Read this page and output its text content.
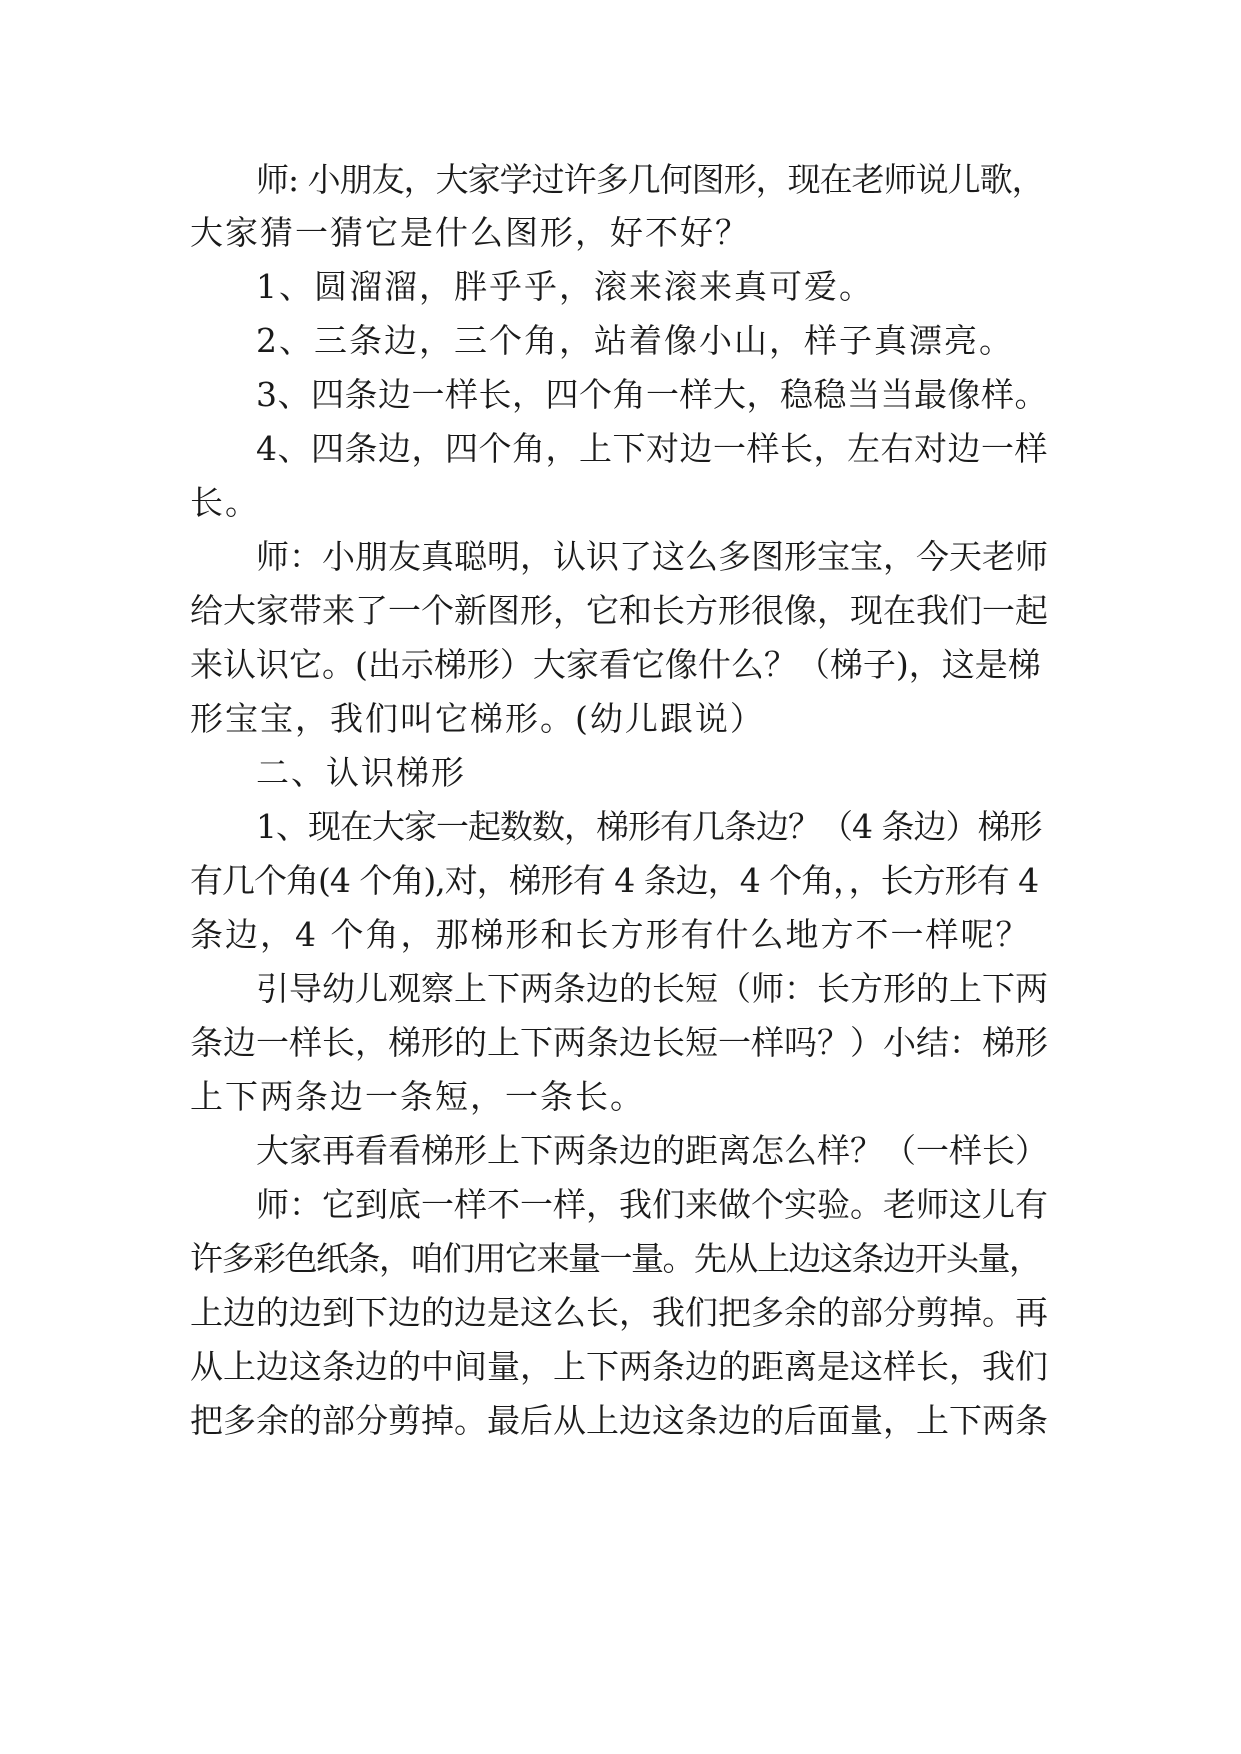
师: 小朋友，大家学过许多几何图形，现在老师说儿歌，
大家猜一猜它是什么图形，好不好？
1、圆溜溜，胖乎乎，滚来滚来真可爱。
2、三条边，三个角，站着像小山，样子真漂亮。
3、四条边一样长，四个角一样大，稳稳当当最像样。
4、四条边，四个角，上下对边一样长，左右对边一样
长。
师：小朋友真聪明，认识了这么多图形宝宝，今天老师
给大家带来了一个新图形，它和长方形很像，现在我们一起
来认识它。(出示梯形）大家看它像什么？（梯子)，这是梯
形宝宝，我们叫它梯形。(幼儿跟说）
二、认识梯形
1、现在大家一起数数，梯形有几条边？（4 条边）梯形
有几个角(4 个角),对，梯形有 4 条边，4 个角，，长方形有 4
条边，4 个角，那梯形和长方形有什么地方不一样呢？
引导幼儿观察上下两条边的长短（师：长方形的上下两
条边一样长，梯形的上下两条边长短一样吗？）小结：梯形
上下两条边一条短，一条长。
大家再看看梯形上下两条边的距离怎么样？（一样长）
师：它到底一样不一样，我们来做个实验。老师这儿有
许多彩色纸条，咱们用它来量一量。先从上边这条边开头量，
上边的边到下边的边是这么长，我们把多余的部分剪掉。再
从上边这条边的中间量，上下两条边的距离是这样长，我们
把多余的部分剪掉。最后从上边这条边的后面量，上下两条
